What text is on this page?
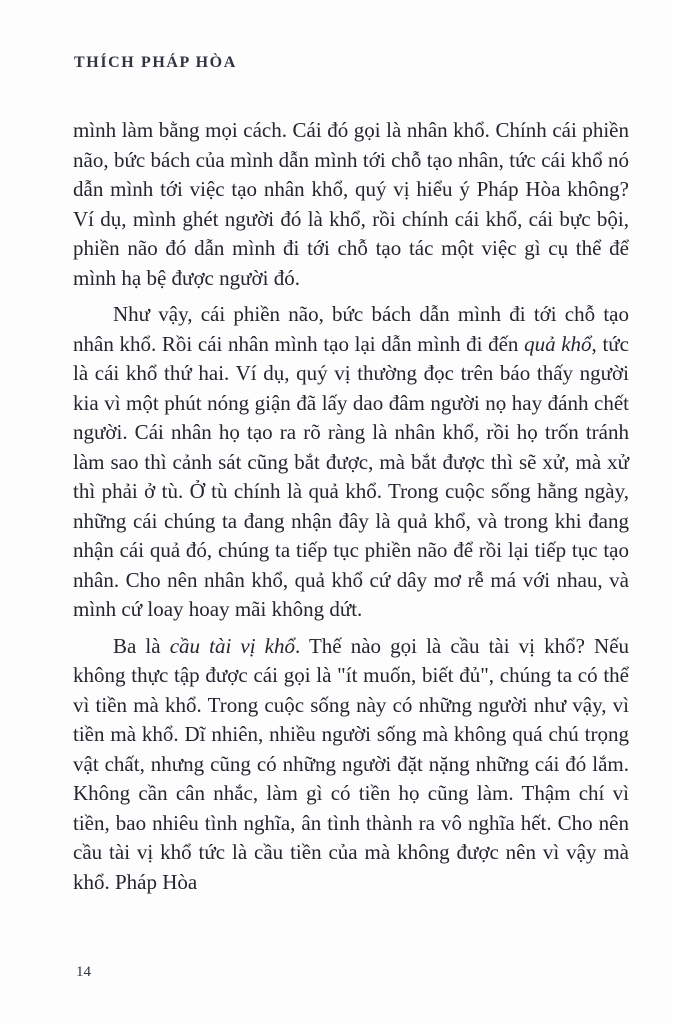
THÍCH PHÁP HÒA
mình làm bằng mọi cách. Cái đó gọi là nhân khổ. Chính cái phiền não, bức bách của mình dẫn mình tới chỗ tạo nhân, tức cái khổ nó dẫn mình tới việc tạo nhân khổ, quý vị hiểu ý Pháp Hòa không? Ví dụ, mình ghét người đó là khổ, rồi chính cái khổ, cái bực bội, phiền não đó dẫn mình đi tới chỗ tạo tác một việc gì cụ thể để mình hạ bệ được người đó.
Như vậy, cái phiền não, bức bách dẫn mình đi tới chỗ tạo nhân khổ. Rồi cái nhân mình tạo lại dẫn mình đi đến quả khổ, tức là cái khổ thứ hai. Ví dụ, quý vị thường đọc trên báo thấy người kia vì một phút nóng giận đã lấy dao đâm người nọ hay đánh chết người. Cái nhân họ tạo ra rõ ràng là nhân khổ, rồi họ trốn tránh làm sao thì cảnh sát cũng bắt được, mà bắt được thì sẽ xử, mà xử thì phải ở tù. Ở tù chính là quả khổ. Trong cuộc sống hằng ngày, những cái chúng ta đang nhận đây là quả khổ, và trong khi đang nhận cái quả đó, chúng ta tiếp tục phiền não để rồi lại tiếp tục tạo nhân. Cho nên nhân khổ, quả khổ cứ dây mơ rễ má với nhau, và mình cứ loay hoay mãi không dứt.
Ba là cầu tài vị khổ. Thế nào gọi là cầu tài vị khổ? Nếu không thực tập được cái gọi là "ít muốn, biết đủ", chúng ta có thể vì tiền mà khổ. Trong cuộc sống này có những người như vậy, vì tiền mà khổ. Dĩ nhiên, nhiều người sống mà không quá chú trọng vật chất, nhưng cũng có những người đặt nặng những cái đó lắm. Không cần cân nhắc, làm gì có tiền họ cũng làm. Thậm chí vì tiền, bao nhiêu tình nghĩa, ân tình thành ra vô nghĩa hết. Cho nên cầu tài vị khổ tức là cầu tiền của mà không được nên vì vậy mà khổ. Pháp Hòa
14
